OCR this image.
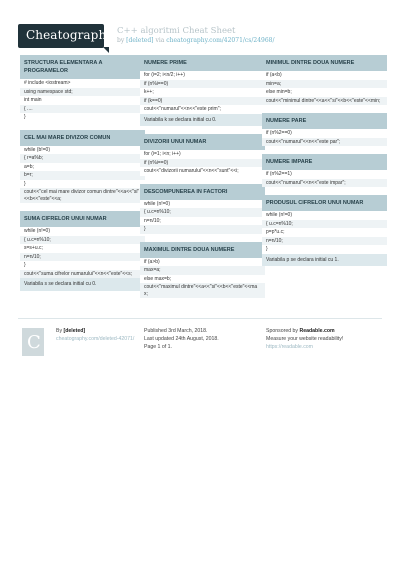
Cheatography C++ algoritmi Cheat Sheet
by [deleted] via cheatography.com/42071/cs/24968/
STRUCTURA ELEMENTARA A PROGRAMELOR
# include <iostream>
using namespace std;
int main
{ ....
}
CEL MAI MARE DIVIZOR COMUN
while (b!=0)
{ r=a%b;
a=b;
b=r;
}
cout<<"cel mai mare divizor comun dintre"<<a<<"si"<<b<<"este"<<a;
SUMA CIFRELOR UNUI NUMAR
while (n!=0)
{ u.c=n%10;
s=s+u.c;
n=n/10;
}
cout<<"suma cifrelor numarului"<<n<<"este"<<s;
Variabila s se declara initial cu 0.
NUMERE PRIME
for (i=2; i<n/2; i++)
if (n%i==0)
k++;
if (k==0)
cout<<"numarul"<<n<<"este prim";
Variabila k se declara initial cu 0.
DIVIZORII UNUI NUMAR
for (i=1; i<n; i++)
if (n%i==0)
cout<<"divizorii numarului"<<n<<"sunt"<<i;
DESCOMPUNEREA IN FACTORI
while (n!=0)
{ u.c=n%10;
n=n/10;
}
MAXIMUL DINTRE DOUA NUMERE
if (a>b)
max=a;
else max=b;
cout<<"maximul dintre"<<a<<"si"<<b<<"este"<<max;
MINIMUL DINTRE DOUA NUMERE
if (a<b)
min=a;
else min=b;
cout<<"minimul dintre"<<a<<"si"<<b<<"este"<<min;
NUMERE PARE
if (n%2==0)
cout<<"numarul"<<n<<"este par";
NUMERE IMPARE
if (n%2==1)
cout<<"numarul"<<n<<"este impar";
PRODUSUL CIFRELOR UNUI NUMAR
while (n!=0)
{ u.c=n%10;
p=p*u.c;
n=n/10;
}
Variabila p se declara initial cu 1.
C
By [deleted]
cheatography.com/deleted-42071/
Published 3rd March, 2018.
Last updated 24th August, 2018.
Page 1 of 1.
Sponsored by Readable.com
Measure your website readability!
https://readable.com
